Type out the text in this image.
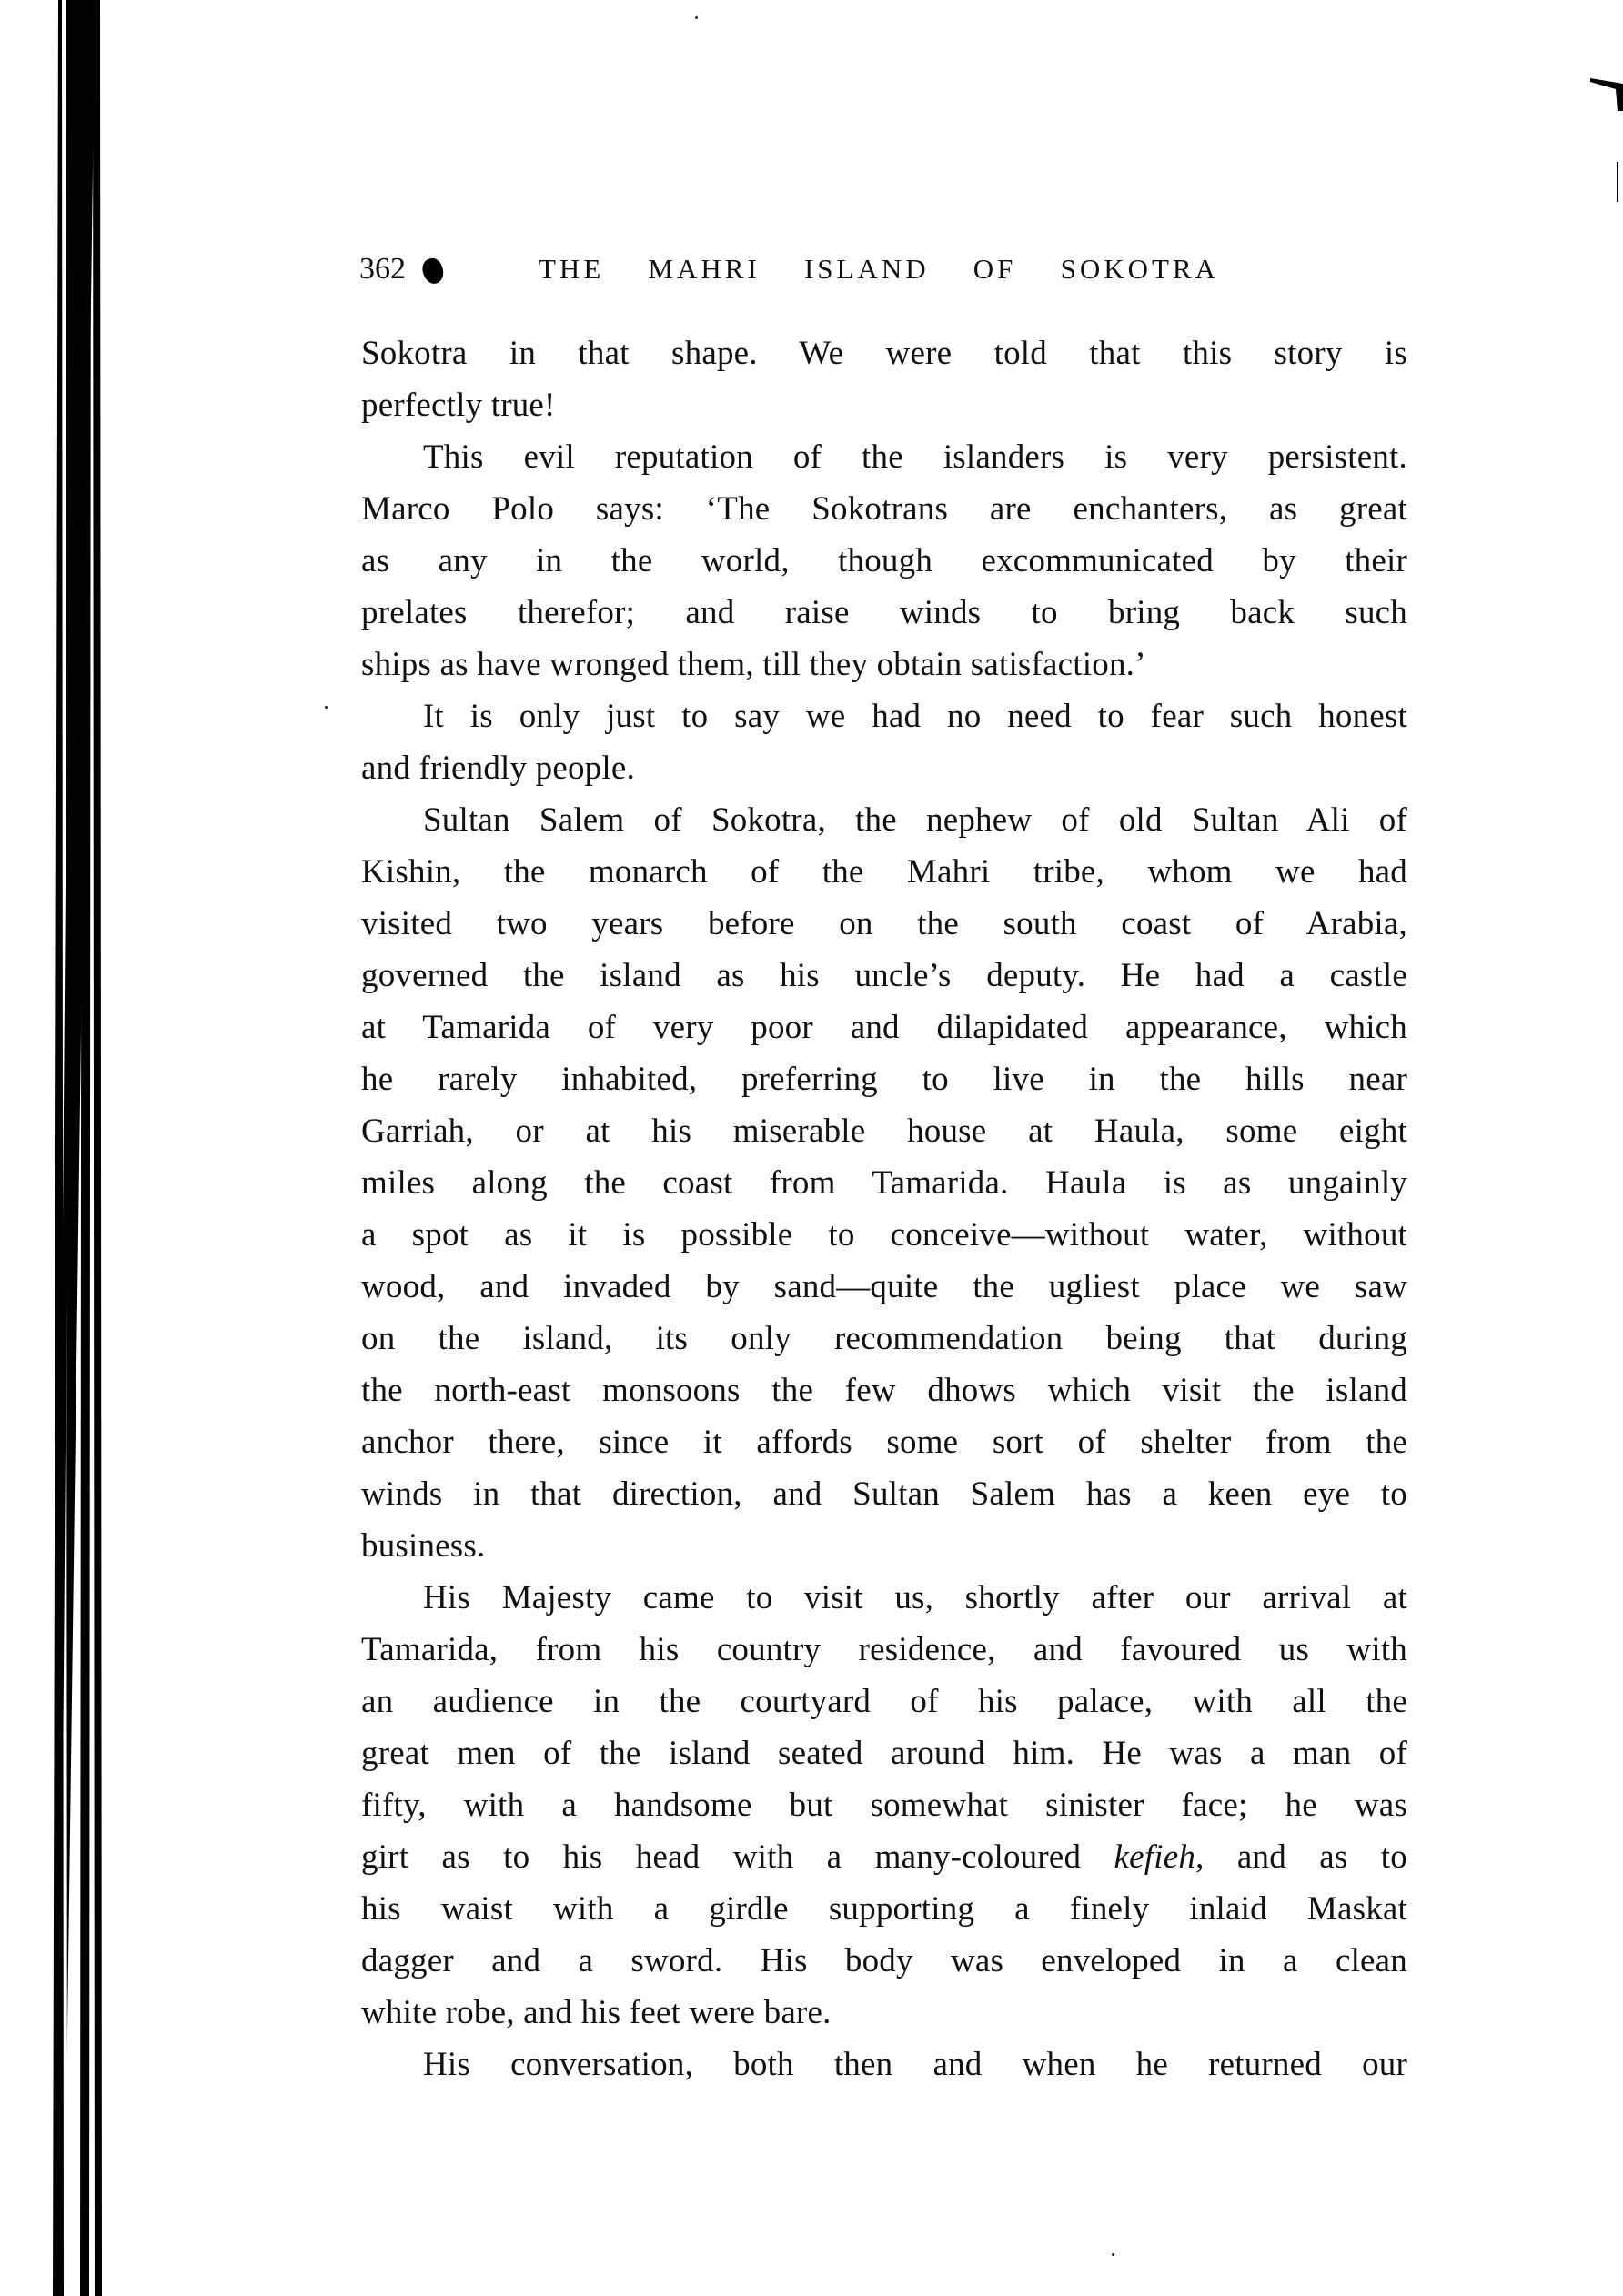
362	THE MAHRI ISLAND OF SOKOTRA
Sokotra in that shape. We were told that this story is
perfectly true!
This evil reputation of the islanders is very persistent.
Marco Polo says: ‘The Sokotrans are enchanters, as great
as any in the world, though excommunicated by their
prelates therefor; and raise winds to bring back such
ships as have wronged them, till they obtain satisfaction.’
It is only just to say we had no need to fear such honest
and friendly people.
Sultan Salem of Sokotra, the nephew of old Sultan Ali of
Kishin, the monarch of the Mahri tribe, whom we had
visited two years before on the south coast of Arabia,
governed the island as his uncle’s deputy. He had a castle
at Tamarida of very poor and dilapidated appearance, which
he rarely inhabited, preferring to live in the hills near
Garriah, or at his miserable house at Haula, some eight
miles along the coast from Tamarida. Haula is as ungainly
a spot as it is possible to conceive—without water, without
wood, and invaded by sand—quite the ugliest place we saw
on the island, its only recommendation being that during
the north-east monsoons the few dhows which visit the island
anchor there, since it affords some sort of shelter from the
winds in that direction, and Sultan Salem has a keen eye to
business.
His Majesty came to visit us, shortly after our arrival at
Tamarida, from his country residence, and favoured us with
an audience in the courtyard of his palace, with all the
great men of the island seated around him. He was a man of
fifty, with a handsome but somewhat sinister face; he was
girt as to his head with a many-coloured kefieh, and as to
his waist with a girdle supporting a finely inlaid Maskat
dagger and a sword. His body was enveloped in a clean
white robe, and his feet were bare.
His conversation, both then and when he returned our
